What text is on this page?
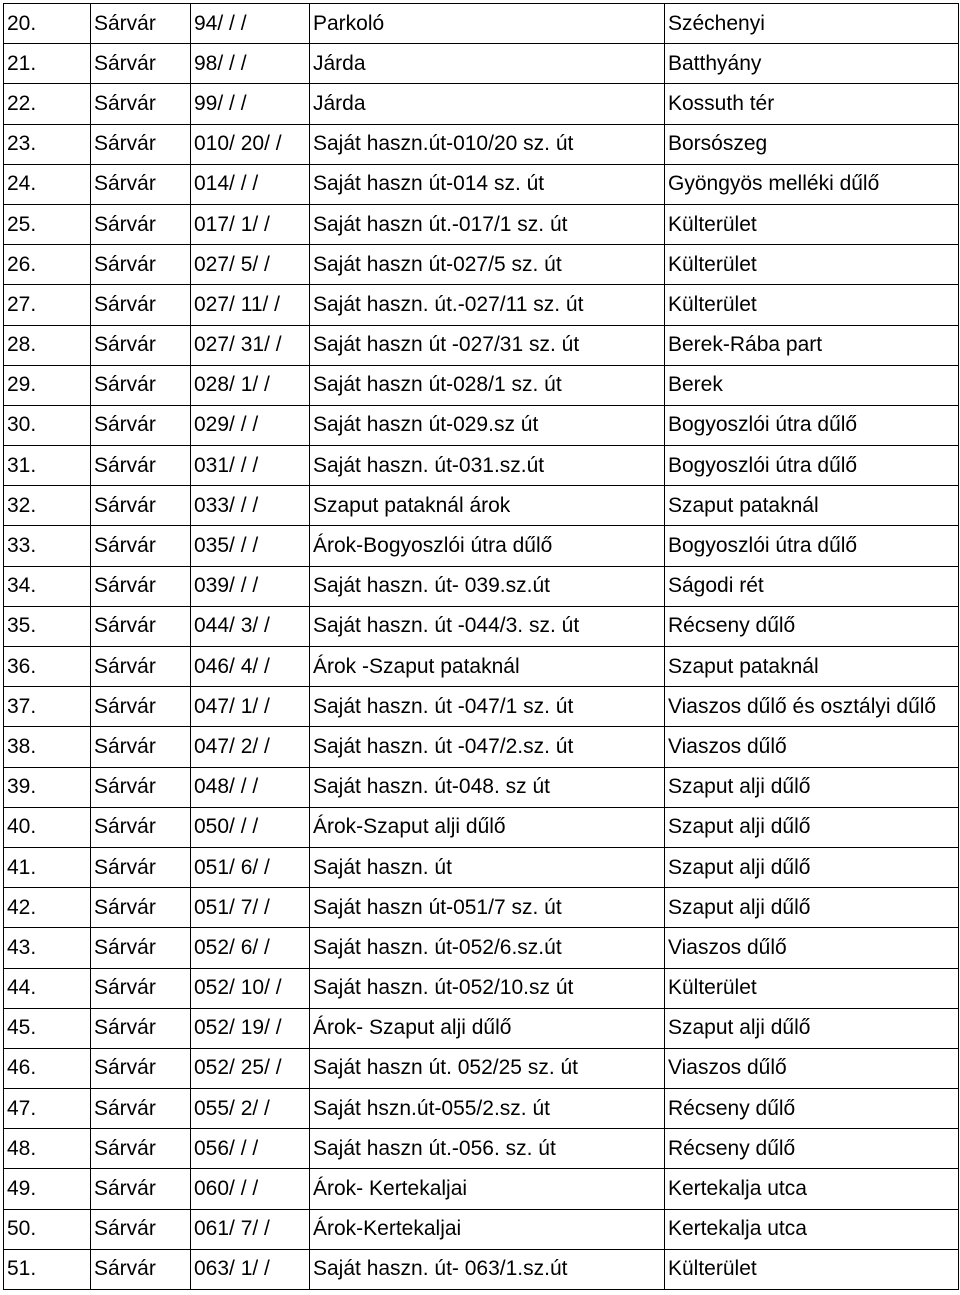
20.	Sárvár	94/ / /	Parkoló	Széchenyi
21.	Sárvár	98/ / /	Járda	Batthyány
22.	Sárvár	99/ / /	Járda	Kossuth tér
23.	Sárvár	010/ 20/ /	Saját haszn.út-010/20 sz. út	Borsószeg
24.	Sárvár	014/ / /	Saját haszn út-014 sz. út	Gyöngyös melléki dűlő
25.	Sárvár	017/ 1/ /	Saját haszn út.-017/1 sz. út	Külterület
26.	Sárvár	027/ 5/ /	Saját haszn út-027/5 sz. út	Külterület
27.	Sárvár	027/ 11/ /	Saját haszn. út.-027/11 sz. út	Külterület
28.	Sárvár	027/ 31/ /	Saját haszn út -027/31 sz. út	Berek-Rába part
29.	Sárvár	028/ 1/ /	Saját haszn út-028/1 sz. út	Berek
30.	Sárvár	029/ / /	Saját haszn út-029.sz út	Bogyoszlói útra dűlő
31.	Sárvár	031/ / /	Saját haszn. út-031.sz.út	Bogyoszlói útra dűlő
32.	Sárvár	033/ / /	Szaput pataknál árok	Szaput pataknál
33.	Sárvár	035/ / /	Árok-Bogyoszlói útra dűlő	Bogyoszlói útra dűlő
34.	Sárvár	039/ / /	Saját haszn. út- 039.sz.út	Ságodi rét
35.	Sárvár	044/ 3/ /	Saját haszn. út -044/3. sz. út	Récseny dűlő
36.	Sárvár	046/ 4/ /	Árok -Szaput pataknál	Szaput pataknál
37.	Sárvár	047/ 1/ /	Saját haszn. út -047/1 sz. út	Viaszos dűlő és osztályi dűlő
38.	Sárvár	047/ 2/ /	Saját haszn. út -047/2.sz. út	Viaszos dűlő
39.	Sárvár	048/ / /	Saját haszn. út-048. sz út	Szaput alji dűlő
40.	Sárvár	050/ / /	Árok-Szaput alji dűlő	Szaput alji dűlő
41.	Sárvár	051/ 6/ /	Saját haszn. út	Szaput alji dűlő
42.	Sárvár	051/ 7/ /	Saját haszn út-051/7 sz. út	Szaput alji dűlő
43.	Sárvár	052/ 6/ /	Saját haszn. út-052/6.sz.út	Viaszos dűlő
44.	Sárvár	052/ 10/ /	Saját haszn. út-052/10.sz út	Külterület
45.	Sárvár	052/ 19/ /	Árok- Szaput alji dűlő	Szaput alji dűlő
46.	Sárvár	052/ 25/ /	Saját haszn út. 052/25 sz. út	Viaszos dűlő
47.	Sárvár	055/ 2/ /	Saját hszn.út-055/2.sz. út	Récseny dűlő
48.	Sárvár	056/ / /	Saját haszn út.-056. sz. út	Récseny dűlő
49.	Sárvár	060/ / /	Árok- Kertekaljai	Kertekalja utca
50.	Sárvár	061/ 7/ /	Árok-Kertekaljai	Kertekalja utca
51.	Sárvár	063/ 1/ /	Saját haszn. út- 063/1.sz.út	Külterület
